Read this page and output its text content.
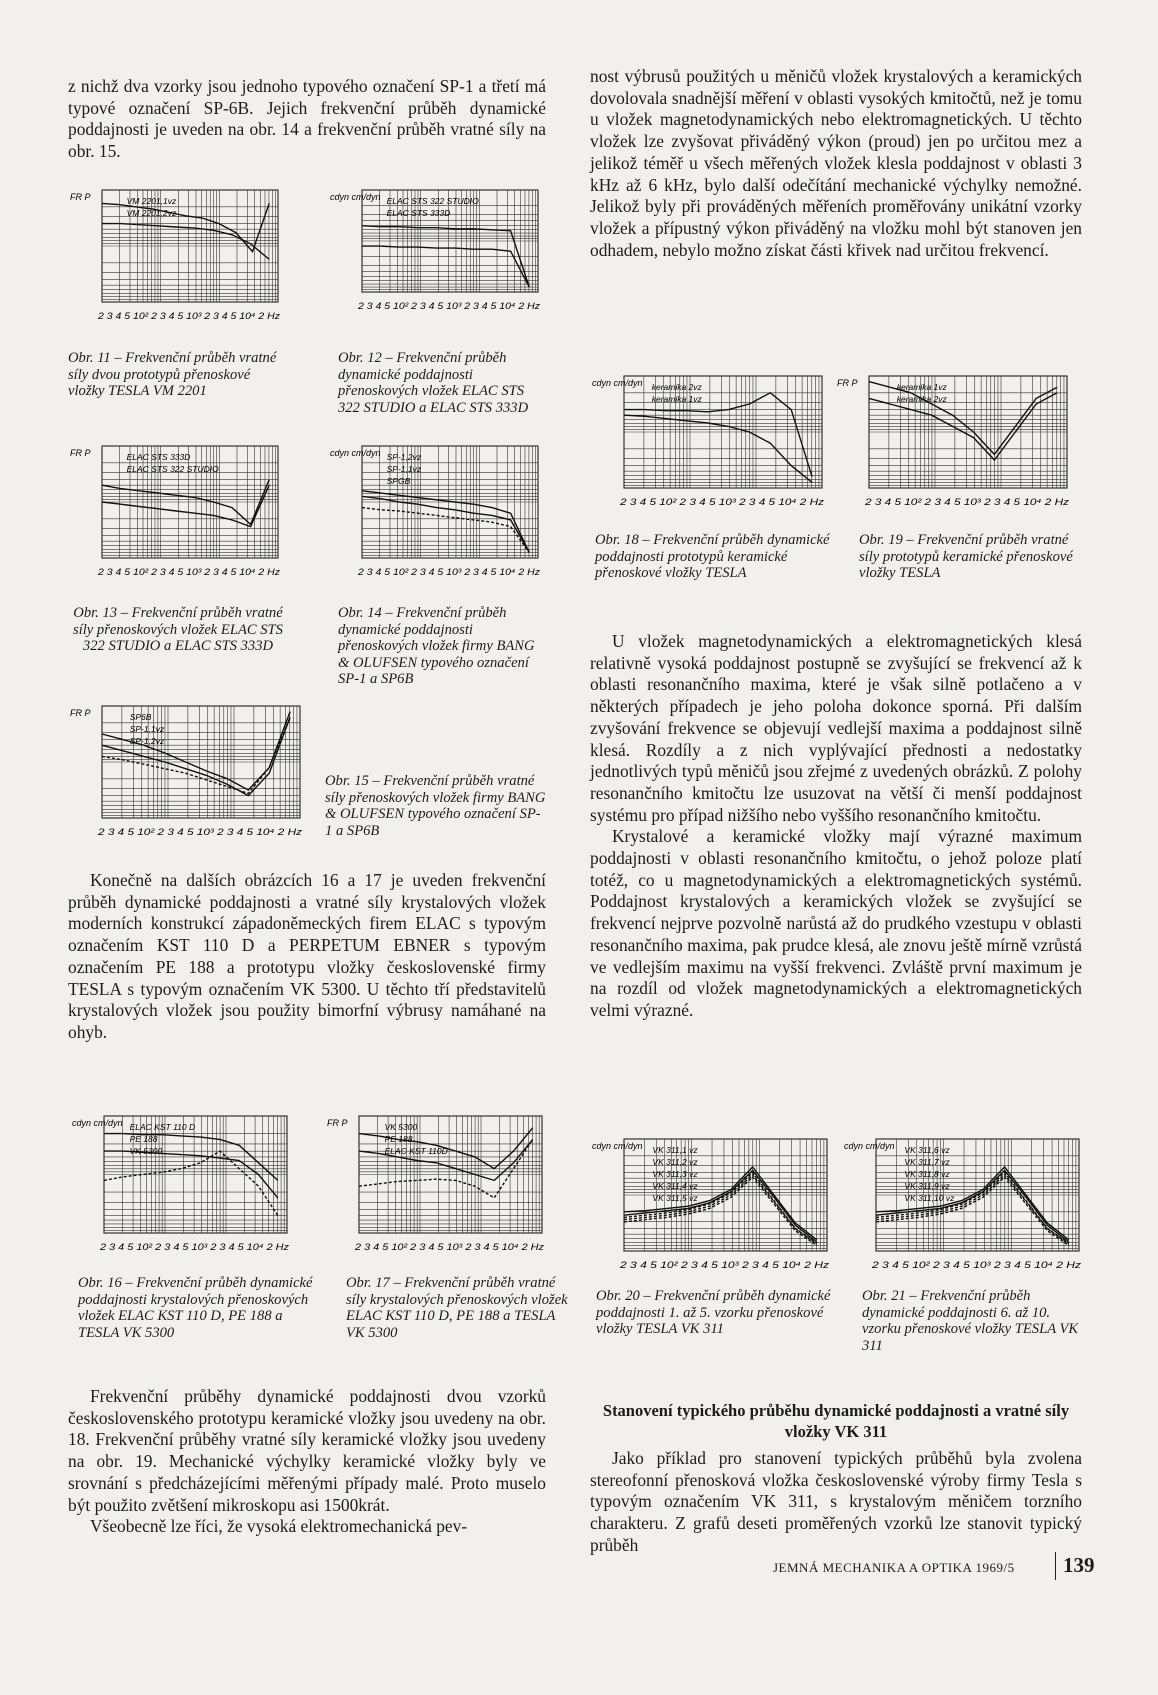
z nichž dva vzorky jsou jednoho typového označení SP-1 a třetí má typové označení SP-6B. Jejich frekvenční průběh dynamické poddajnosti je uveden na obr. 14 a frekvenční průběh vratné síly na obr. 15.

FR P	VM 2201,1vz
VM 2201,2vz
2 3 4 5 10² 2 3 4 5 10³ 2 3 4 5 10⁴ 2 Hz
cdyn cm/dyn ELAC STS 322 STUDIO
ELAC STS 333D
2 3 4 5 10² 2 3 4 5 10³ 2 3 4 5 10⁴ 2 Hz
Obr. 11 – Frekvenční průběh vratné síly dvou prototypů přenoskové vložky TESLA VM 2201
Obr. 12 – Frekvenční průběh dynamické poddajnosti přenoskových vložek ELAC STS 322 STUDIO a ELAC STS 333D
FR P	ELAC STS 333D
ELAC STS 322 STUDIO
2 3 4 5 10² 2 3 4 5 10³ 2 3 4 5 10⁴ 2 Hz
cdyn cm/dyn SP-1,2vz
SP-1,1vz
SPGB
2 3 4 5 10² 2 3 4 5 10³ 2 3 4 5 10⁴ 2 Hz
Obr. 13 – Frekvenční průběh vratné síly přenoskových vložek ELAC STS 322 STUDIO a ELAC STS 333D
Obr. 14 – Frekvenční průběh dynamické poddajnosti přenoskových vložek firmy BANG & OLUFSEN typového označení SP-1 a SP6B
FR P	SP6B
SP-1,1vz
SP-1,2vz
2 3 4 5 10² 2 3 4 5 10³ 2 3 4 5 10⁴ 2 Hz
Obr. 15 – Frekvenční průběh vratné síly přenoskových vložek firmy BANG & OLUFSEN typového označení SP-1 a SP6B

Konečně na dalších obrázcích 16 a 17 je uveden frekvenční průběh dynamické poddajnosti a vratné síly krystalových vložek moderních konstrukcí západoněmeckých firem ELAC s typovým označením KST 110 D a PERPETUM EBNER s typovým označením PE 188 a prototypu vložky československé firmy TESLA s typovým označením VK 5300. U těchto tří představitelů krystalových vložek jsou použity bimorfní výbrusy namáhané na ohyb.

cdyn cm/dyn ELAC KST 110 D
PE 188
VK 5300
2 3 4 5 10² 2 3 4 5 10³ 2 3 4 5 10⁴ 2 Hz
FR P	VK 5300
PE 188
ELAC KST 110D
2 3 4 5 10² 2 3 4 5 10³ 2 3 4 5 10⁴ 2 Hz
Obr. 16 – Frekvenční průběh dynamické poddajnosti krystalových přenoskových vložek ELAC KST 110 D, PE 188 a TESLA VK 5300
Obr. 17 – Frekvenční průběh vratné síly krystalových přenoskových vložek ELAC KST 110 D, PE 188 a TESLA VK 5300

Frekvenční průběhy dynamické poddajnosti dvou vzorků československého prototypu keramické vložky jsou uvedeny na obr. 18. Frekvenční průběhy vratné síly keramické vložky jsou uvedeny na obr. 19. Mechanické výchylky keramické vložky byly ve srovnání s předcházejícími měřenými případy malé. Proto muselo být použito zvětšení mikroskopu asi 1500krát.

Všeobecně lze říci, že vysoká elektromechanická pev-

nost výbrusů použitých u měničů vložek krystalových a keramických dovolovala snadnější měření v oblasti vysokých kmitočtů, než je tomu u vložek magnetodynamických nebo elektromagnetických. U těchto vložek lze zvyšovat přiváděný výkon (proud) jen po určitou mez a jelikož téměř u všech měřených vložek klesla poddajnost v oblasti 3 kHz až 6 kHz, bylo další odečítání mechanické výchylky nemožné. Jelikož byly při prováděných měřeních proměřovány unikátní vzorky vložek a přípustný výkon přiváděný na vložku mohl být stanoven jen odhadem, nebylo možno získat části křivek nad určitou frekvencí.

cdyn cm/dyn keramika 2vz
keramika 1vz
2 3 4 5 10² 2 3 4 5 10³ 2 3 4 5 10⁴ 2 Hz
FR P	keramika 1vz
keramika 2vz
2 3 4 5 10² 2 3 4 5 10³ 2 3 4 5 10⁴ 2 Hz
Obr. 18 – Frekvenční průběh dynamické poddajnosti prototypů keramické přenoskové vložky TESLA
Obr. 19 – Frekvenční průběh vratné síly prototypů keramické přenoskové vložky TESLA

U vložek magnetodynamických a elektromagnetických klesá relativně vysoká poddajnost postupně se zvyšující se frekvencí až k oblasti resonančního maxima, které je však silně potlačeno a v některých případech je jeho poloha dokonce sporná. Při dalším zvyšování frekvence se objevují vedlejší maxima a poddajnost silně klesá. Rozdíly a z nich vyplývající přednosti a nedostatky jednotlivých typů měničů jsou zřejmé z uvedených obrázků. Z polohy resonančního kmitočtu lze usuzovat na větší či menší poddajnost systému pro případ nižšího nebo vyššího resonančního kmitočtu.

Krystalové a keramické vložky mají výrazné maximum poddajnosti v oblasti resonančního kmitočtu, o jehož poloze platí totéž, co u magnetodynamických a elektromagnetických systémů. Poddajnost krystalových a keramických vložek se zvyšující se frekvencí nejprve pozvolně narůstá až do prudkého vzestupu v oblasti resonančního maxima, pak prudce klesá, ale znovu ještě mírně vzrůstá ve vedlejším maximu na vyšší frekvenci. Zvláště první maximum je na rozdíl od vložek magnetodynamických a elektromagnetických velmi výrazné.

cdyn cm/dyn VK 311,1 vz
VK 311,2 vz
VK 311,3 vz
VK 311,4 vz
VK 311,5 vz
2 3 4 5 10² 2 3 4 5 10³ 2 3 4 5 10⁴ 2 Hz
cdyn cm/dyn VK 311,6 vz
VK 311,7 vz
VK 311,8 vz
VK 311,9 vz
VK 311,10 vz
2 3 4 5 10² 2 3 4 5 10³ 2 3 4 5 10⁴ 2 Hz
Obr. 20 – Frekvenční průběh dynamické poddajnosti 1. až 5. vzorku přenoskové vložky TESLA VK 311
Obr. 21 – Frekvenční průběh dynamické poddajnosti 6. až 10. vzorku přenoskové vložky TESLA VK 311
Stanovení typického průběhu dynamické poddajnosti a vratné síly vložky VK 311

Jako příklad pro stanovení typických průběhů byla zvolena stereofonní přenosková vložka československé výroby firmy Tesla s typovým označením VK 311, s krystalovým měničem torzního charakteru. Z grafů deseti proměřených vzorků lze stanovit typický průběh

JEMNÁ MECHANIKA A OPTIKA 1969/5 139
